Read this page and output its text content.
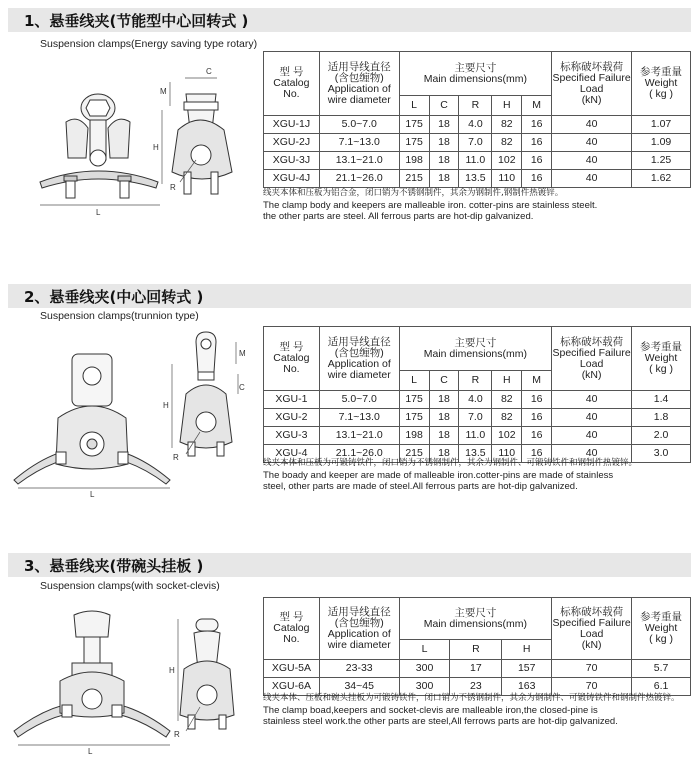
1、悬垂线夹(节能型中心回转式 )
Suspension clamps(Energy saving type rotary)
L
C
M
H
R
型 号
Catalog
No.	适用导线直径
(含包缠物)
Application of
wire diameter	主要尺寸
Main dimensions(mm)					标称破坏载荷
Specified Failure
Load
(kN)	参考重量
Weight
( kg )

		L	C	R	H	M		
XGU-1J	5.0~7.0	175	18	4.0	82	16	40	1.07
XGU-2J	7.1~13.0	175	18	7.0	82	16	40	1.09
XGU-3J	13.1~21.0	198	18	11.0	102	16	40	1.25
XGU-4J	21.1~26.0	215	18	13.5	110	16	40	1.62
线夹本体和压板为铝合金，闭口销为不锈钢制件，其余为钢制件,钢制件热镀锌。
The clamp body and keepers are malleable iron. cotter-pins are stainless steelt.
the other parts are steel. All ferrous parts are hot-dip galvanized.
2、悬垂线夹(中心回转式 )
Suspension clamps(trunnion type)
L
M
C
H
R
型 号
Catalog
No.	适用导线直径
(含包缠物)
Application of
wire diameter	主要尺寸
Main dimensions(mm)					标称破坏载荷
Specified Failure
Load
(kN)	参考重量
Weight
( kg )

		L	C	R	H	M		
XGU-1	5.0~7.0	175	18	4.0	82	16	40	1.4
XGU-2	7.1~13.0	175	18	7.0	82	16	40	1.8
XGU-3	13.1~21.0	198	18	11.0	102	16	40	2.0
XGU-4	21.1~26.0	215	18	13.5	110	16	40	3.0
线夹本体和压板为可锻铸铁件，闭口销为不锈钢制件，其余为钢制件、可锻铸铁件和钢制件热镀锌。
The boady and keeper are made of malleable iron.cotter-pins are made of stainless
steel, other parts are made of steel.All ferrous parts are hot-dip galvanized.
3、悬垂线夹(带碗头挂板 )
Suspension clamps(with socket-clevis)
L
H
R
型 号
Catalog
No.	适用导线直径
(含包缠物)
Application of
wire diameter	主要尺寸
Main dimensions(mm)			标称破坏载荷
Specified Failure
Load
(kN)	参考重量
Weight
( kg )

		L	R	H		
XGU-5A	23-33	300	17	157	70	5.7
XGU-6A	34~45	300	23	163	70	6.1
线夹本体、压板和碗头挂板为可锻铸铁件，闭口销为不锈钢制件，其余为钢制件、可锻铸铁件和钢制件热镀锌。
The clamp boad,keepers and socket-clevis are malleable iron,the closed-pine is
stainless steel work.the other parts are steel,All ferrows parts are hot-dip galvanized.
